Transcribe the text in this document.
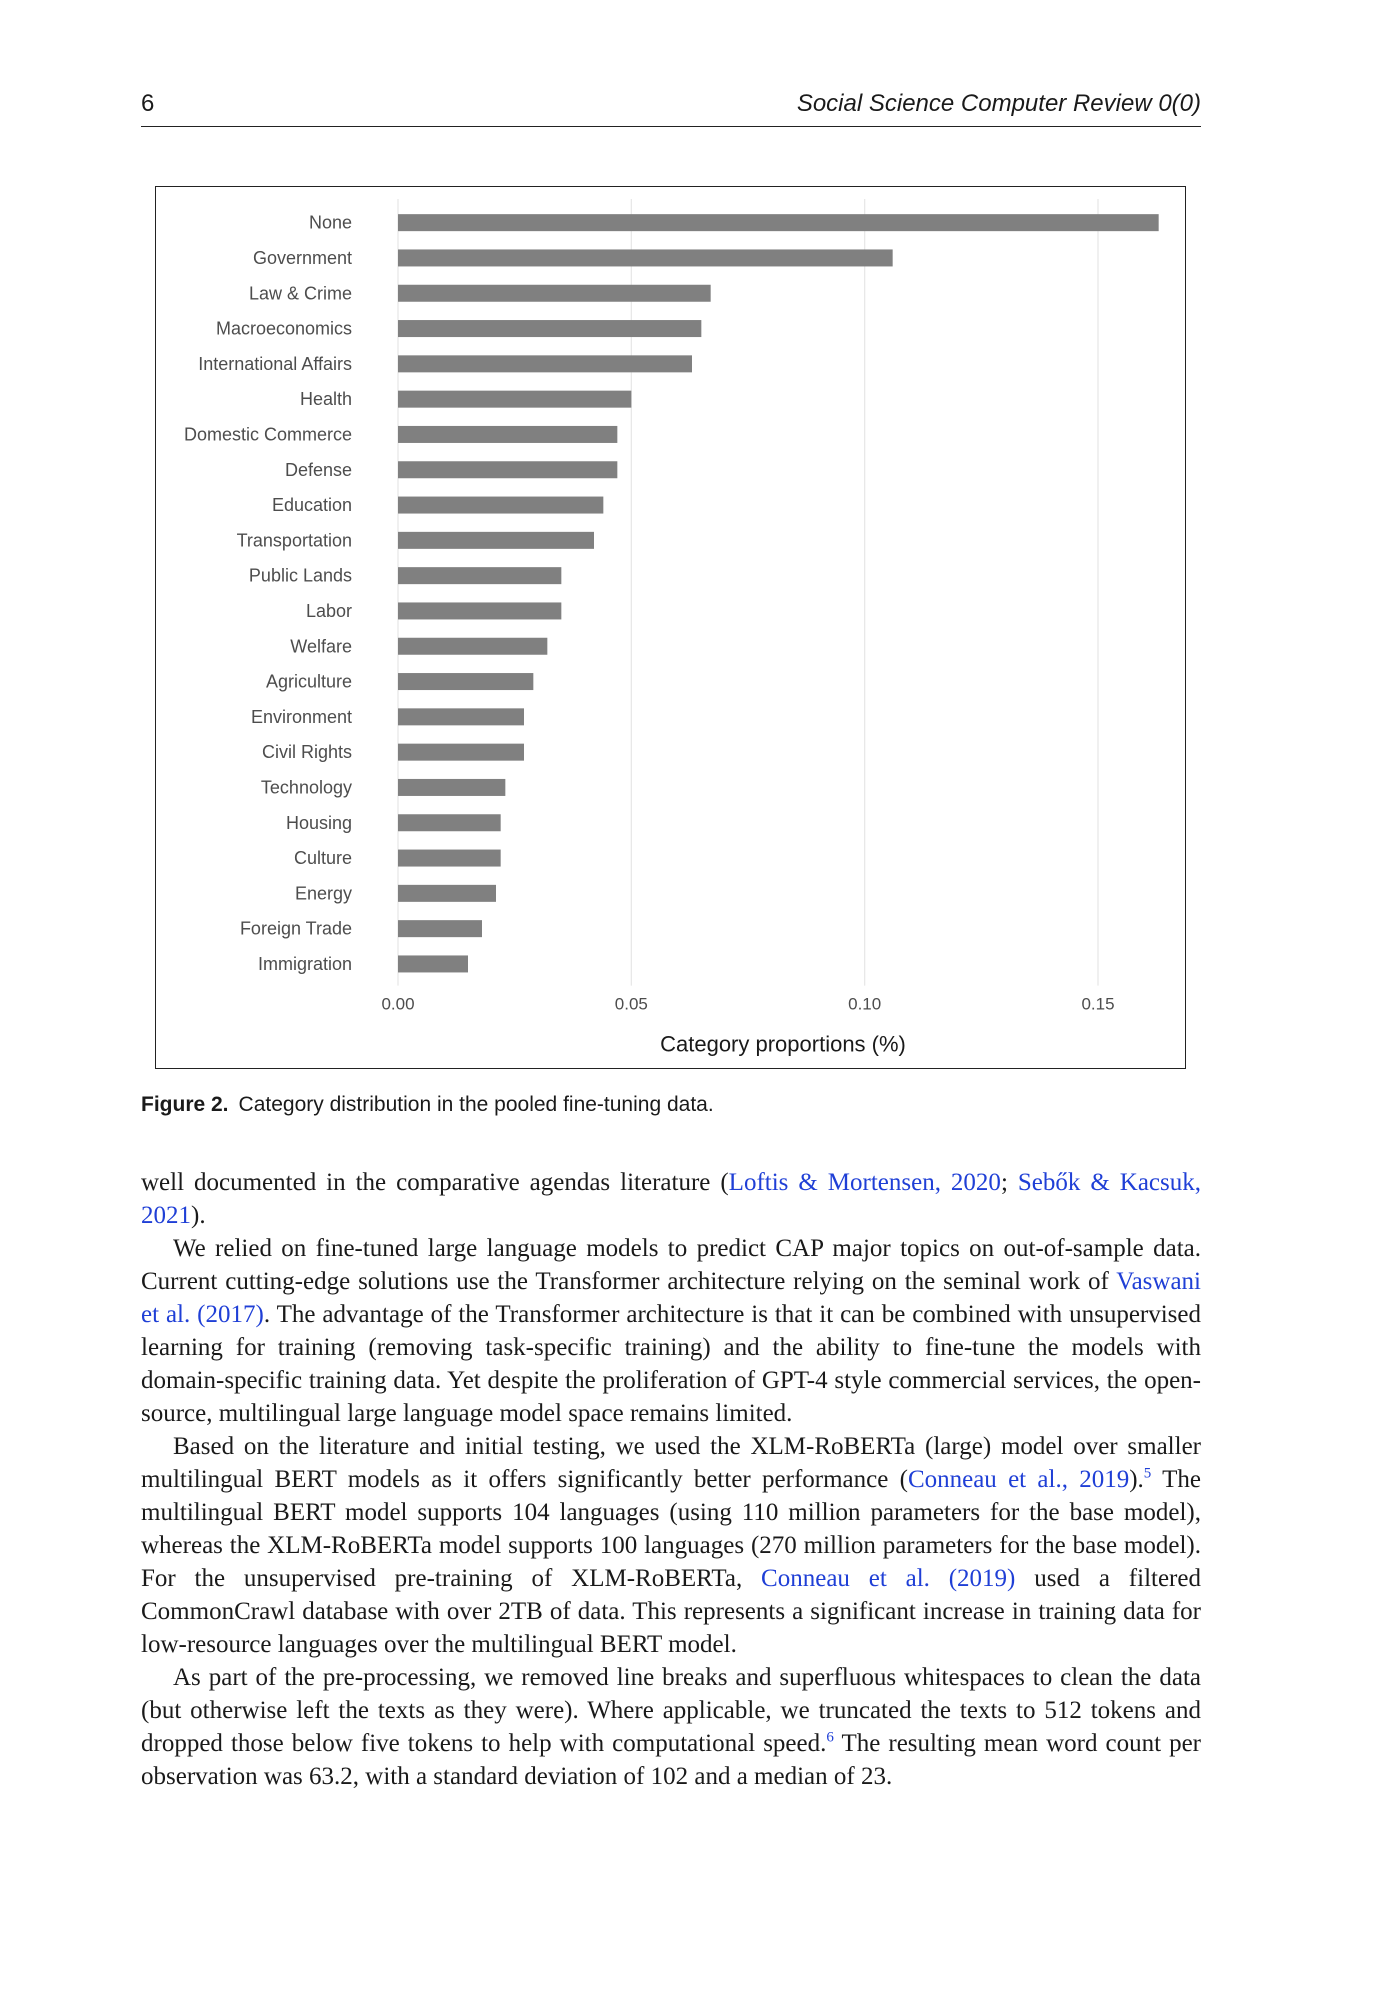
6	Social Science Computer Review 0(0)
None
Government
Law & Crime
Macroeconomics
International Affairs
Health
Domestic Commerce
Defense
Education
Transportation
Public Lands
Labor
Welfare
Agriculture
Environment
Civil Rights
Technology
Housing
Culture
Energy
Foreign Trade
Immigration
0.00	0.05	0.10	0.15
Category proportions (%)
Figure 2. Category distribution in the pooled fine-tuning data.

well documented in the comparative agendas literature (Loftis & Mortensen, 2020; Sebők & Kacsuk, 2021).

We relied on fine-tuned large language models to predict CAP major topics on out-of-sample data. Current cutting-edge solutions use the Transformer architecture relying on the seminal work of Vaswani et al. (2017). The advantage of the Transformer architecture is that it can be combined with unsupervised learning for training (removing task-specific training) and the ability to fine-tune the models with domain-specific training data. Yet despite the proliferation of GPT-4 style commercial services, the open-source, multilingual large language model space remains limited.

Based on the literature and initial testing, we used the XLM-RoBERTa (large) model over smaller multilingual BERT models as it offers significantly better performance (Conneau et al., 2019).$^5$ The multilingual BERT model supports 104 languages (using 110 million parameters for the base model), whereas the XLM-RoBERTa model supports 100 languages (270 million parameters for the base model). For the unsupervised pre-training of XLM-RoBERTa, Conneau et al. (2019) used a filtered CommonCrawl database with over 2TB of data. This represents a significant increase in training data for low-resource languages over the multilingual BERT model.

As part of the pre-processing, we removed line breaks and superfluous whitespaces to clean the data (but otherwise left the texts as they were). Where applicable, we truncated the texts to 512 tokens and dropped those below five tokens to help with computational speed.$^6$ The resulting mean word count per observation was 63.2, with a standard deviation of 102 and a median of 23.
